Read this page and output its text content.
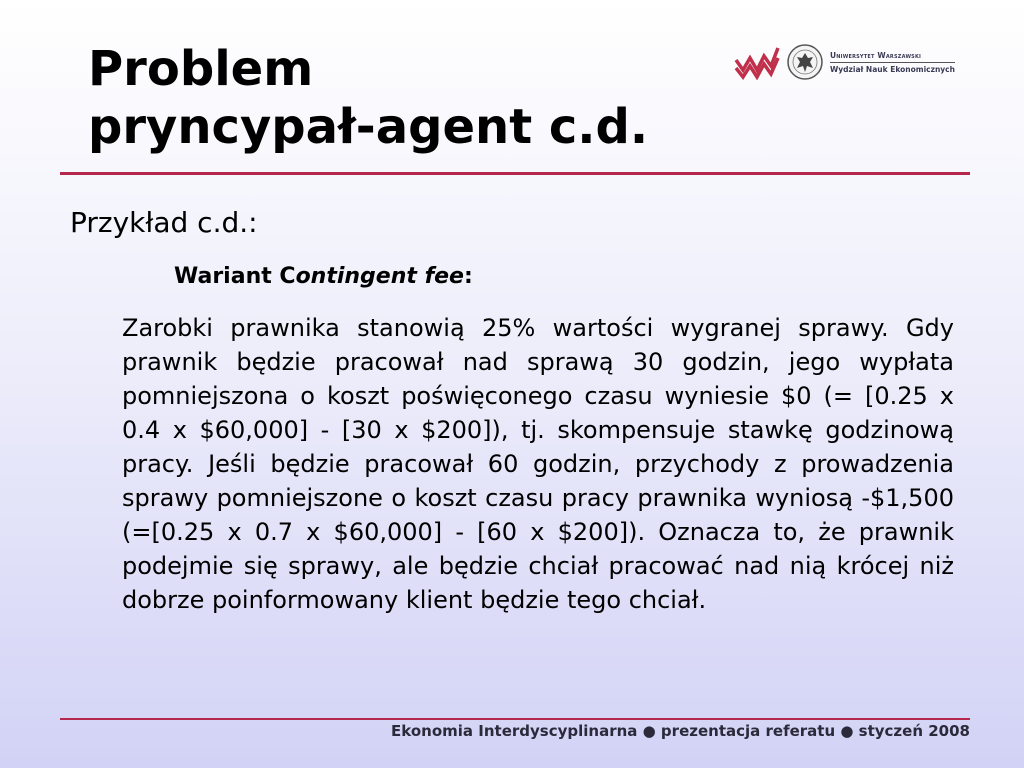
Problem
pryncypał-agent c.d.
Uniwersytet Warszawski
Wydział Nauk Ekonomicznych

Przykład c.d.:

Wariant Contingent fee:

Zarobki prawnika stanowią 25% wartości wygranej sprawy. Gdy prawnik będzie pracował nad sprawą 30 godzin, jego wypłata pomniejszona o koszt poświęconego czasu wyniesie $0 (= [0.25 x 0.4 x $60,000] - [30 x $200]), tj. skompensuje stawkę godzinową pracy. Jeśli będzie pracował 60 godzin, przychody z prowadzenia sprawy pomniejszone o koszt czasu pracy prawnika wyniosą -$1,500 (=[0.25 x 0.7 x $60,000] - [60 x $200]). Oznacza to, że prawnik podejmie się sprawy, ale będzie chciał pracować nad nią krócej niż dobrze poinformowany klient będzie tego chciał.

Ekonomia Interdyscyplinarna ● prezentacja referatu ● styczeń 2008
